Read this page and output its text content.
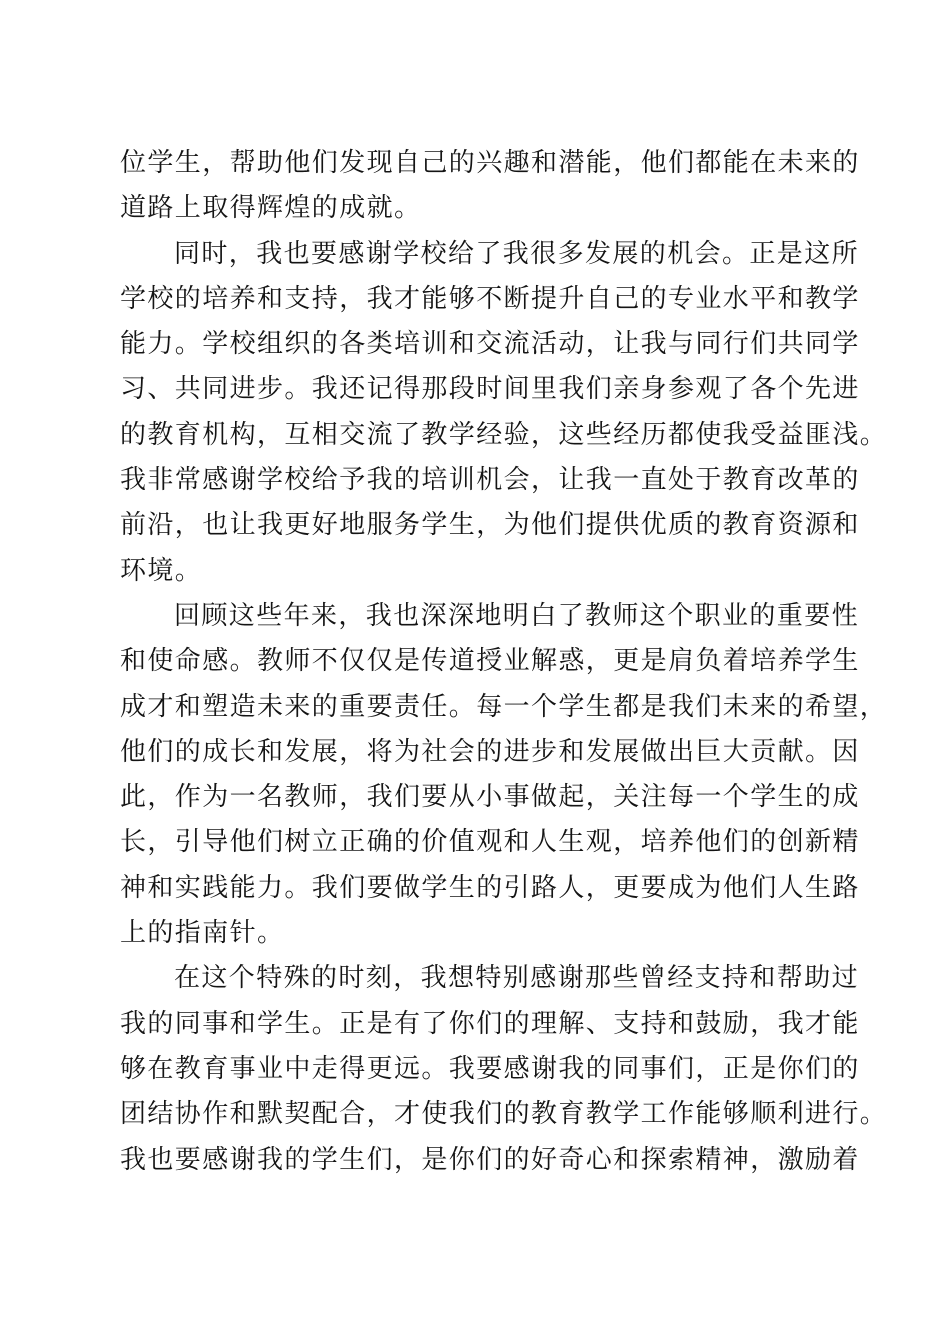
位学生，帮助他们发现自己的兴趣和潜能，他们都能在未来的
道路上取得辉煌的成就。
同时，我也要感谢学校给了我很多发展的机会。正是这所
学校的培养和支持，我才能够不断提升自己的专业水平和教学
能力。学校组织的各类培训和交流活动，让我与同行们共同学
习、共同进步。我还记得那段时间里我们亲身参观了各个先进
的教育机构，互相交流了教学经验，这些经历都使我受益匪浅。
我非常感谢学校给予我的培训机会，让我一直处于教育改革的
前沿，也让我更好地服务学生，为他们提供优质的教育资源和
环境。
回顾这些年来，我也深深地明白了教师这个职业的重要性
和使命感。教师不仅仅是传道授业解惑，更是肩负着培养学生
成才和塑造未来的重要责任。每一个学生都是我们未来的希望，
他们的成长和发展，将为社会的进步和发展做出巨大贡献。因
此，作为一名教师，我们要从小事做起，关注每一个学生的成
长，引导他们树立正确的价值观和人生观，培养他们的创新精
神和实践能力。我们要做学生的引路人，更要成为他们人生路
上的指南针。
在这个特殊的时刻，我想特别感谢那些曾经支持和帮助过
我的同事和学生。正是有了你们的理解、支持和鼓励，我才能
够在教育事业中走得更远。我要感谢我的同事们，正是你们的
团结协作和默契配合，才使我们的教育教学工作能够顺利进行。
我也要感谢我的学生们，是你们的好奇心和探索精神，激励着
